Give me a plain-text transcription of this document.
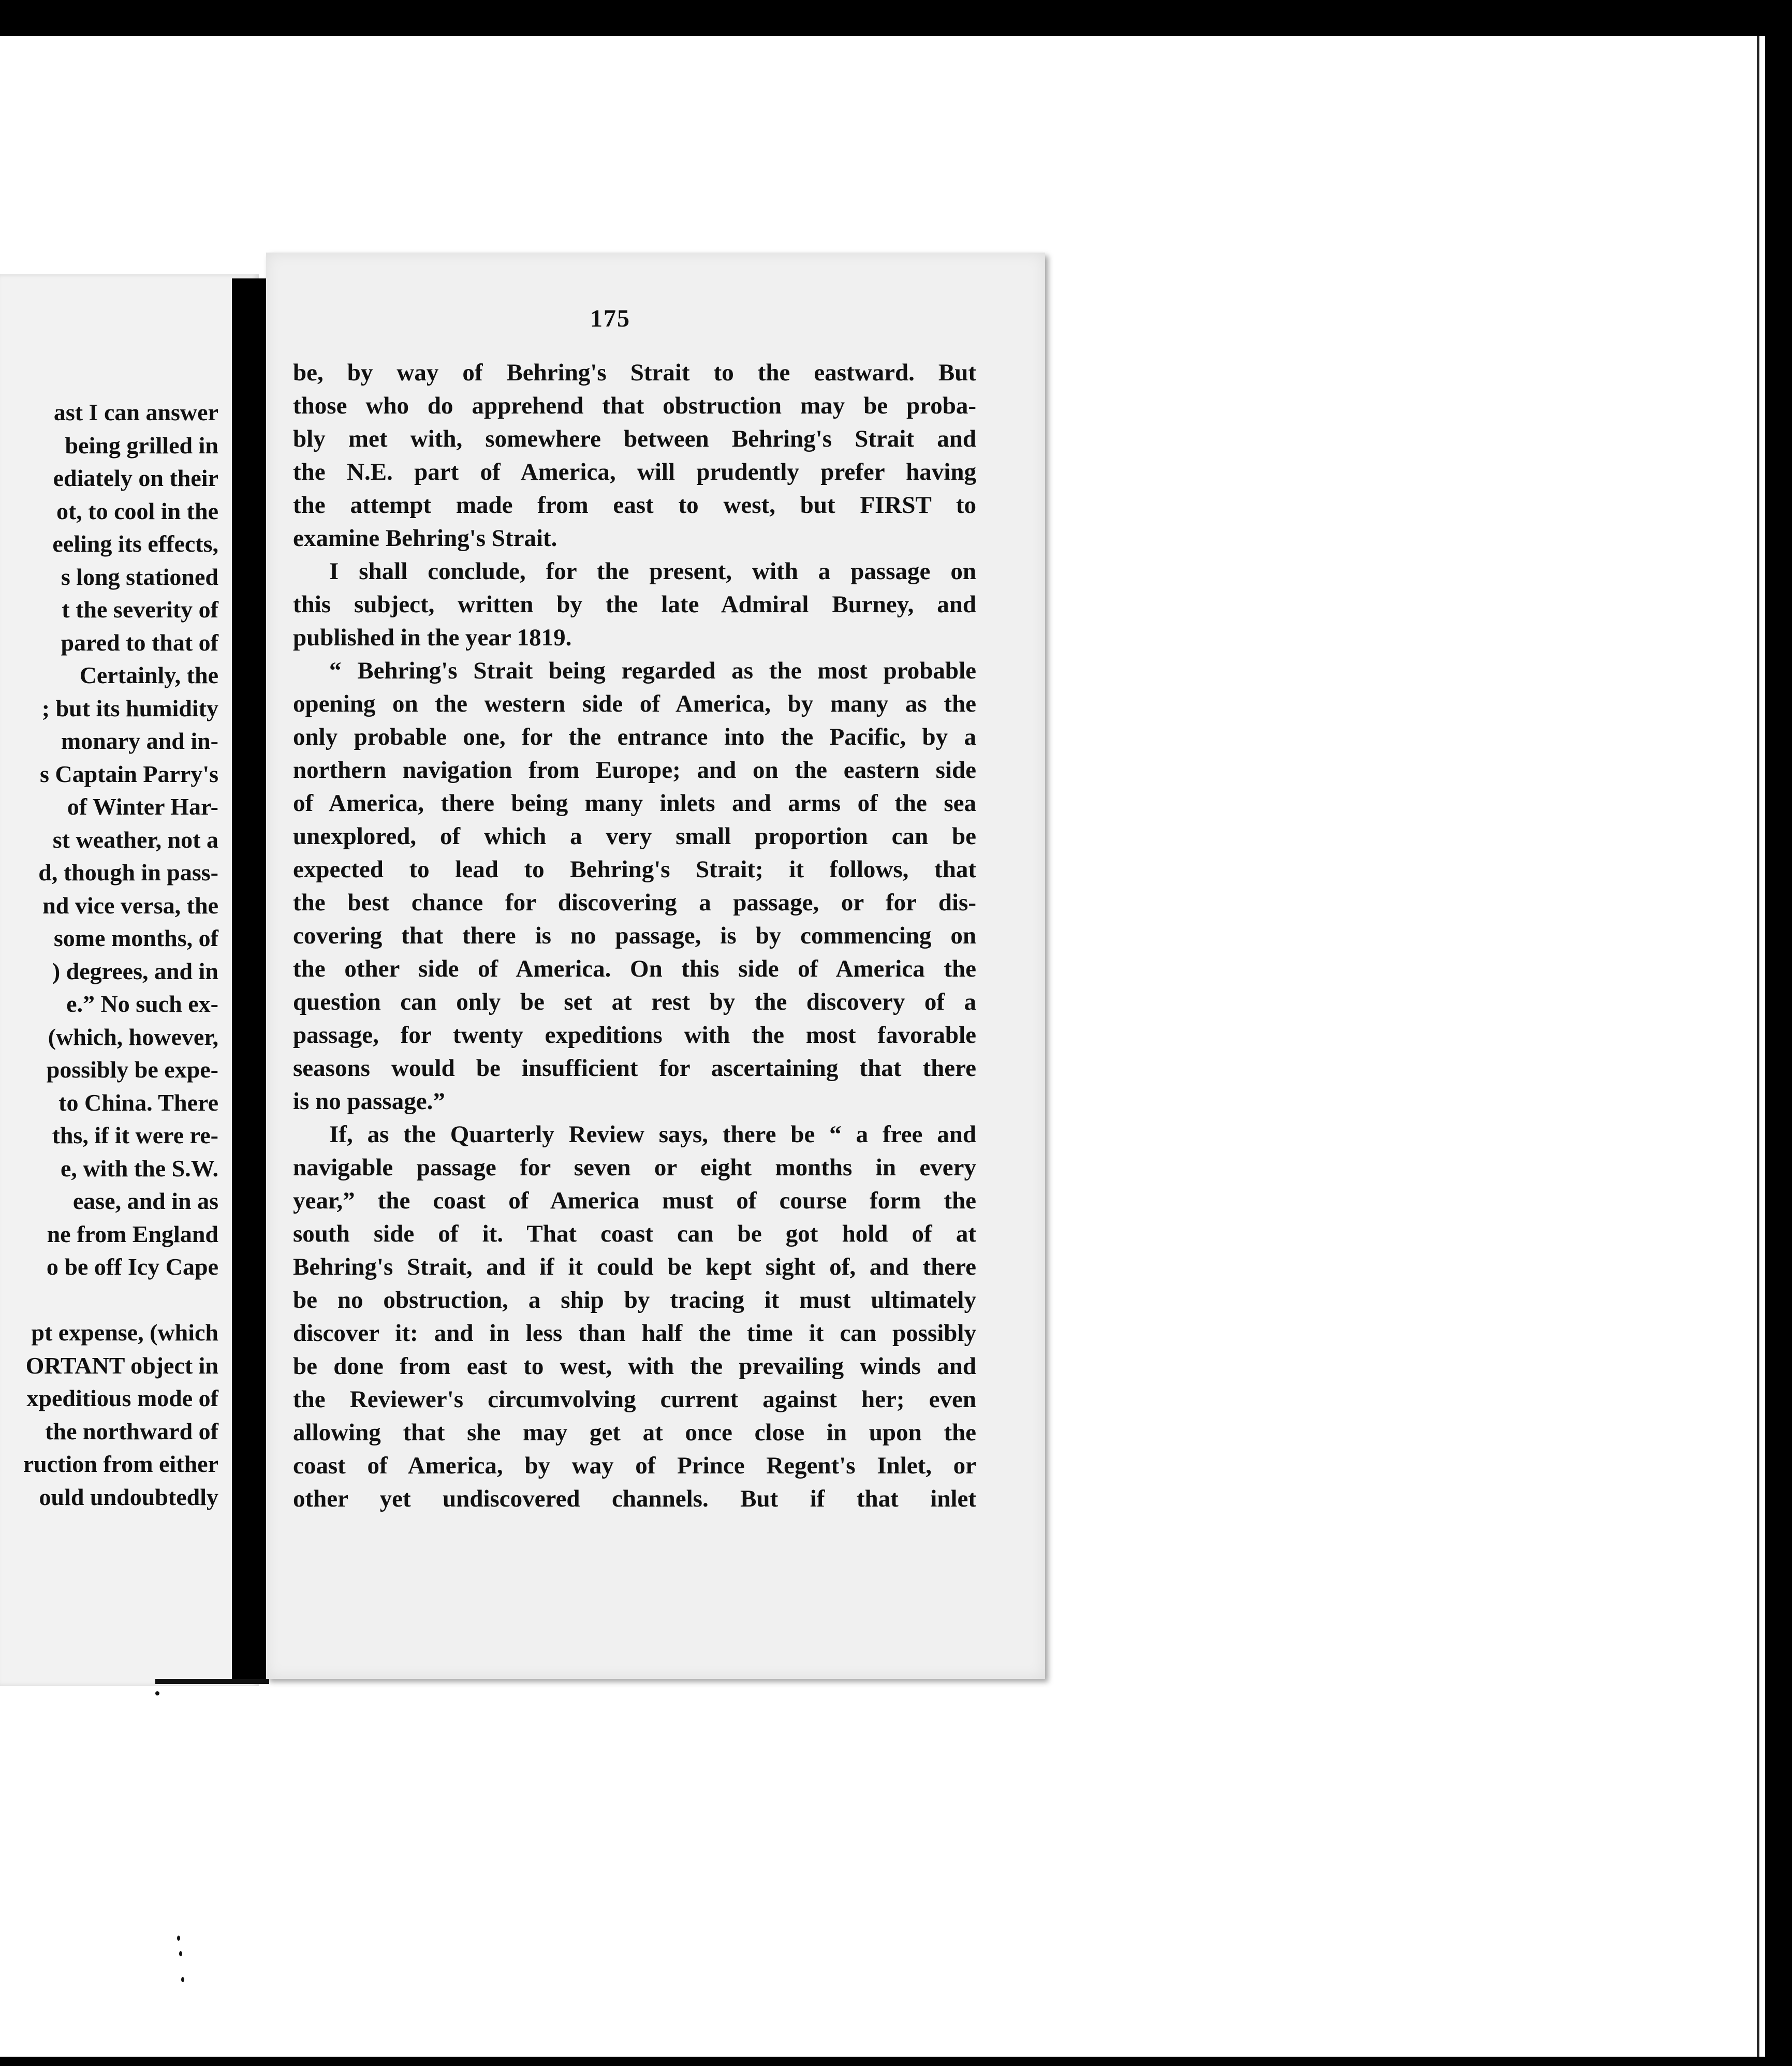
ast I can answer
being grilled in
ediately on their
ot, to cool in the
eeling its effects,
s long stationed
t the severity of
pared to that of
Certainly, the
; but its humidity
monary and in-
s Captain Parry's
of Winter Har-
st weather, not a
d, though in pass-
nd vice versa, the
some months, of
) degrees, and in
e.” No such ex-
(which, however,
possibly be expe-
to China. There
ths, if it were re-
e, with the S.W.
ease, and in as
ne from England
o be off Icy Cape

pt expense, (which
ORTANT object in
xpeditious mode of
the northward of
ruction from either
ould undoubtedly
175
be, by way of Behring's Strait to the eastward. But
those who do apprehend that obstruction may be proba-
bly met with, somewhere between Behring's Strait and
the N.E. part of America, will prudently prefer having
the attempt made from east to west, but FIRST to
examine Behring's Strait.
I shall conclude, for the present, with a passage on
this subject, written by the late Admiral Burney, and
published in the year 1819.
“ Behring's Strait being regarded as the most probable
opening on the western side of America, by many as the
only probable one, for the entrance into the Pacific, by a
northern navigation from Europe; and on the eastern side
of America, there being many inlets and arms of the sea
unexplored, of which a very small proportion can be
expected to lead to Behring's Strait; it follows, that
the best chance for discovering a passage, or for dis-
covering that there is no passage, is by commencing on
the other side of America. On this side of America the
question can only be set at rest by the discovery of a
passage, for twenty expeditions with the most favorable
seasons would be insufficient for ascertaining that there
is no passage.”
If, as the Quarterly Review says, there be “ a free and
navigable passage for seven or eight months in every
year,” the coast of America must of course form the
south side of it. That coast can be got hold of at
Behring's Strait, and if it could be kept sight of, and there
be no obstruction, a ship by tracing it must ultimately
discover it: and in less than half the time it can possibly
be done from east to west, with the prevailing winds and
the Reviewer's circumvolving current against her; even
allowing that she may get at once close in upon the
coast of America, by way of Prince Regent's Inlet, or
other yet undiscovered channels. But if that inlet
